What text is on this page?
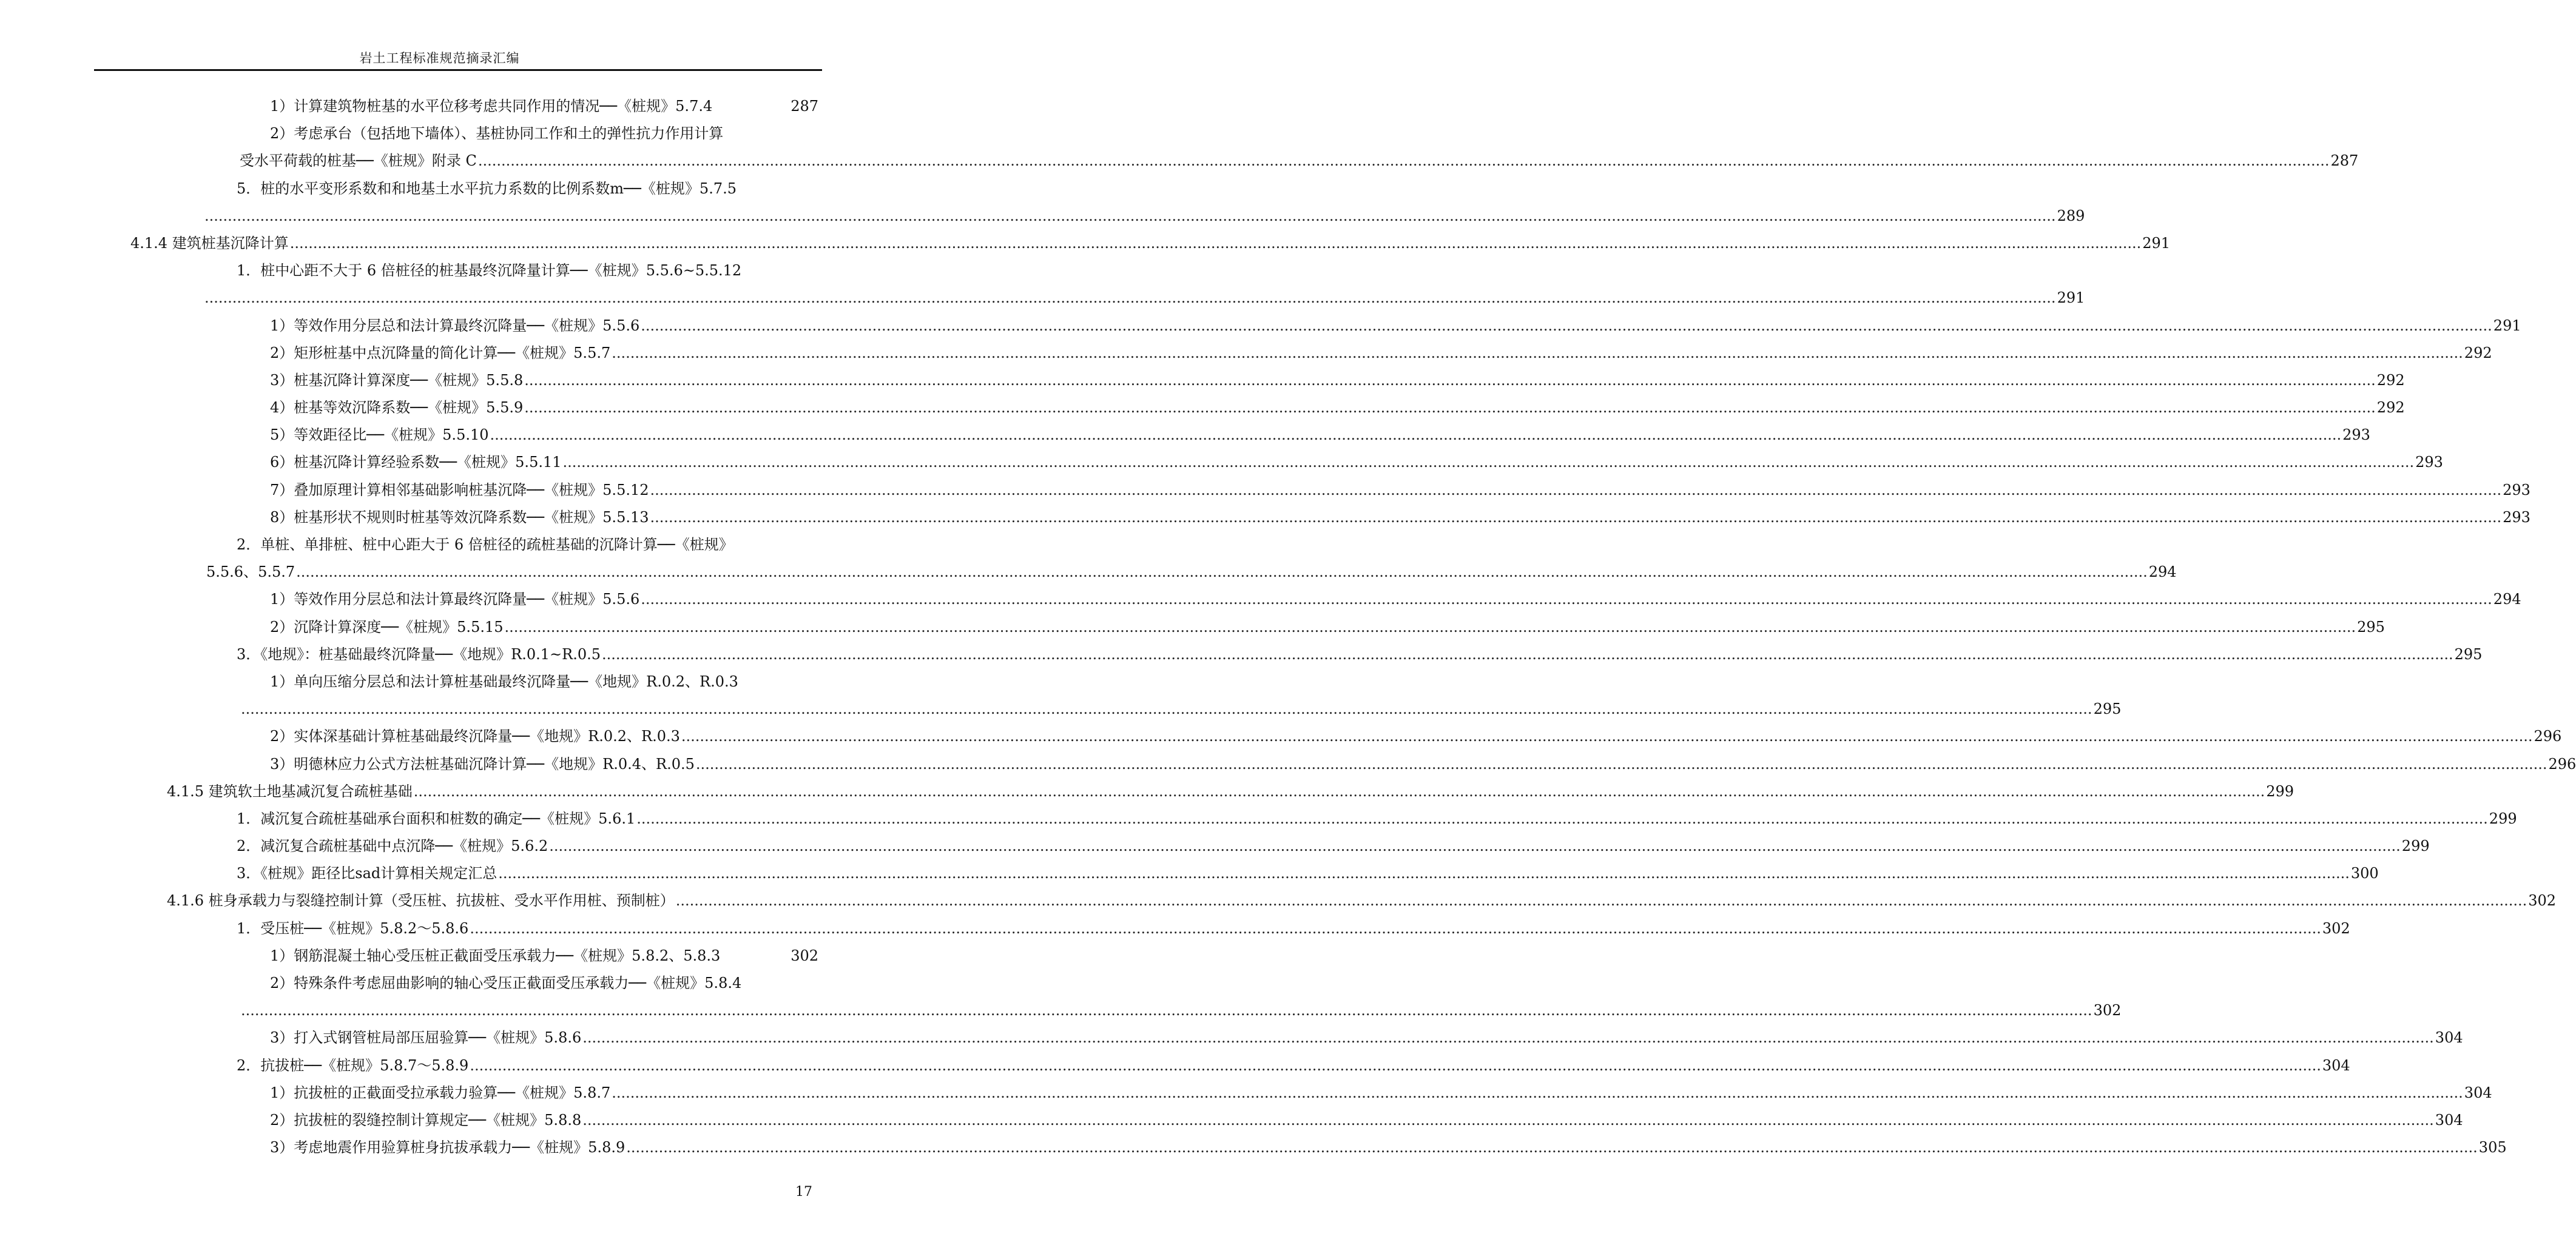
岩土工程标准规范摘录汇编
1）计算建筑物桩基的水平位移考虑共同作用的情况──《桩规》5.7.4	287
2）考虑承台（包括地下墙体）、基桩协同工作和土的弹性抗力作用计算
受水平荷载的桩基──《桩规》附录 C ................................................................................................................................................................................................................................................................................................................................................................................................................ 287
5．桩的水平变形系数和和地基土水平抗力系数的比例系数m──《桩规》5.7.5
................................................................................................................................................................................................................................................................................................................................................................................................................ 289
4.1.4 建筑桩基沉降计算 ................................................................................................................................................................................................................................................................................................................................................................................................................ 291
1．桩中心距不大于 6 倍桩径的桩基最终沉降量计算──《桩规》5.5.6~5.5.12
................................................................................................................................................................................................................................................................................................................................................................................................................ 291
1）等效作用分层总和法计算最终沉降量──《桩规》5.5.6 ................................................................................................................................................................................................................................................................................................................................................................................................................ 291
2）矩形桩基中点沉降量的简化计算──《桩规》5.5.7 ................................................................................................................................................................................................................................................................................................................................................................................................................ 292
3）桩基沉降计算深度──《桩规》5.5.8 ................................................................................................................................................................................................................................................................................................................................................................................................................ 292
4）桩基等效沉降系数──《桩规》5.5.9 ................................................................................................................................................................................................................................................................................................................................................................................................................ 292
5）等效距径比──《桩规》5.5.10 ................................................................................................................................................................................................................................................................................................................................................................................................................ 293
6）桩基沉降计算经验系数──《桩规》5.5.11 ................................................................................................................................................................................................................................................................................................................................................................................................................ 293
7）叠加原理计算相邻基础影响桩基沉降──《桩规》5.5.12 ................................................................................................................................................................................................................................................................................................................................................................................................................ 293
8）桩基形状不规则时桩基等效沉降系数──《桩规》5.5.13 ................................................................................................................................................................................................................................................................................................................................................................................................................ 293
2．单桩、单排桩、桩中心距大于 6 倍桩径的疏桩基础的沉降计算──《桩规》
5.5.6、5.5.7 ................................................................................................................................................................................................................................................................................................................................................................................................................ 294
1）等效作用分层总和法计算最终沉降量──《桩规》5.5.6 ................................................................................................................................................................................................................................................................................................................................................................................................................ 294
2）沉降计算深度──《桩规》5.5.15 ................................................................................................................................................................................................................................................................................................................................................................................................................ 295
3．《地规》：桩基础最终沉降量──《地规》R.0.1~R.0.5 ................................................................................................................................................................................................................................................................................................................................................................................................................ 295
1）单向压缩分层总和法计算桩基础最终沉降量──《地规》R.0.2、R.0.3
................................................................................................................................................................................................................................................................................................................................................................................................................ 295
2）实体深基础计算桩基础最终沉降量──《地规》R.0.2、R.0.3 ................................................................................................................................................................................................................................................................................................................................................................................................................ 296
3）明德林应力公式方法桩基础沉降计算──《地规》R.0.4、R.0.5 ................................................................................................................................................................................................................................................................................................................................................................................................................ 296
4.1.5 建筑软土地基减沉复合疏桩基础 ................................................................................................................................................................................................................................................................................................................................................................................................................ 299
1．减沉复合疏桩基础承台面积和桩数的确定──《桩规》5.6.1 ................................................................................................................................................................................................................................................................................................................................................................................................................ 299
2．减沉复合疏桩基础中点沉降──《桩规》5.6.2 ................................................................................................................................................................................................................................................................................................................................................................................................................ 299
3．《桩规》距径比sad计算相关规定汇总 ................................................................................................................................................................................................................................................................................................................................................................................................................ 300
4.1.6 桩身承载力与裂缝控制计算（受压桩、抗拔桩、受水平作用桩、预制桩） ................................................................................................................................................................................................................................................................................................................................................................................................................ 302
1．受压桩──《桩规》5.8.2～5.8.6 ................................................................................................................................................................................................................................................................................................................................................................................................................ 302
1）钢筋混凝土轴心受压桩正截面受压承载力──《桩规》5.8.2、5.8.3	302
2）特殊条件考虑屈曲影响的轴心受压正截面受压承载力──《桩规》5.8.4
................................................................................................................................................................................................................................................................................................................................................................................................................ 302
3）打入式钢管桩局部压屈验算──《桩规》5.8.6 ................................................................................................................................................................................................................................................................................................................................................................................................................ 304
2．抗拔桩──《桩规》5.8.7～5.8.9 ................................................................................................................................................................................................................................................................................................................................................................................................................ 304
1）抗拔桩的正截面受拉承载力验算──《桩规》5.8.7 ................................................................................................................................................................................................................................................................................................................................................................................................................ 304
2）抗拔桩的裂缝控制计算规定──《桩规》5.8.8 ................................................................................................................................................................................................................................................................................................................................................................................................................ 304
3）考虑地震作用验算桩身抗拔承载力──《桩规》5.8.9 ................................................................................................................................................................................................................................................................................................................................................................................................................ 305
17
